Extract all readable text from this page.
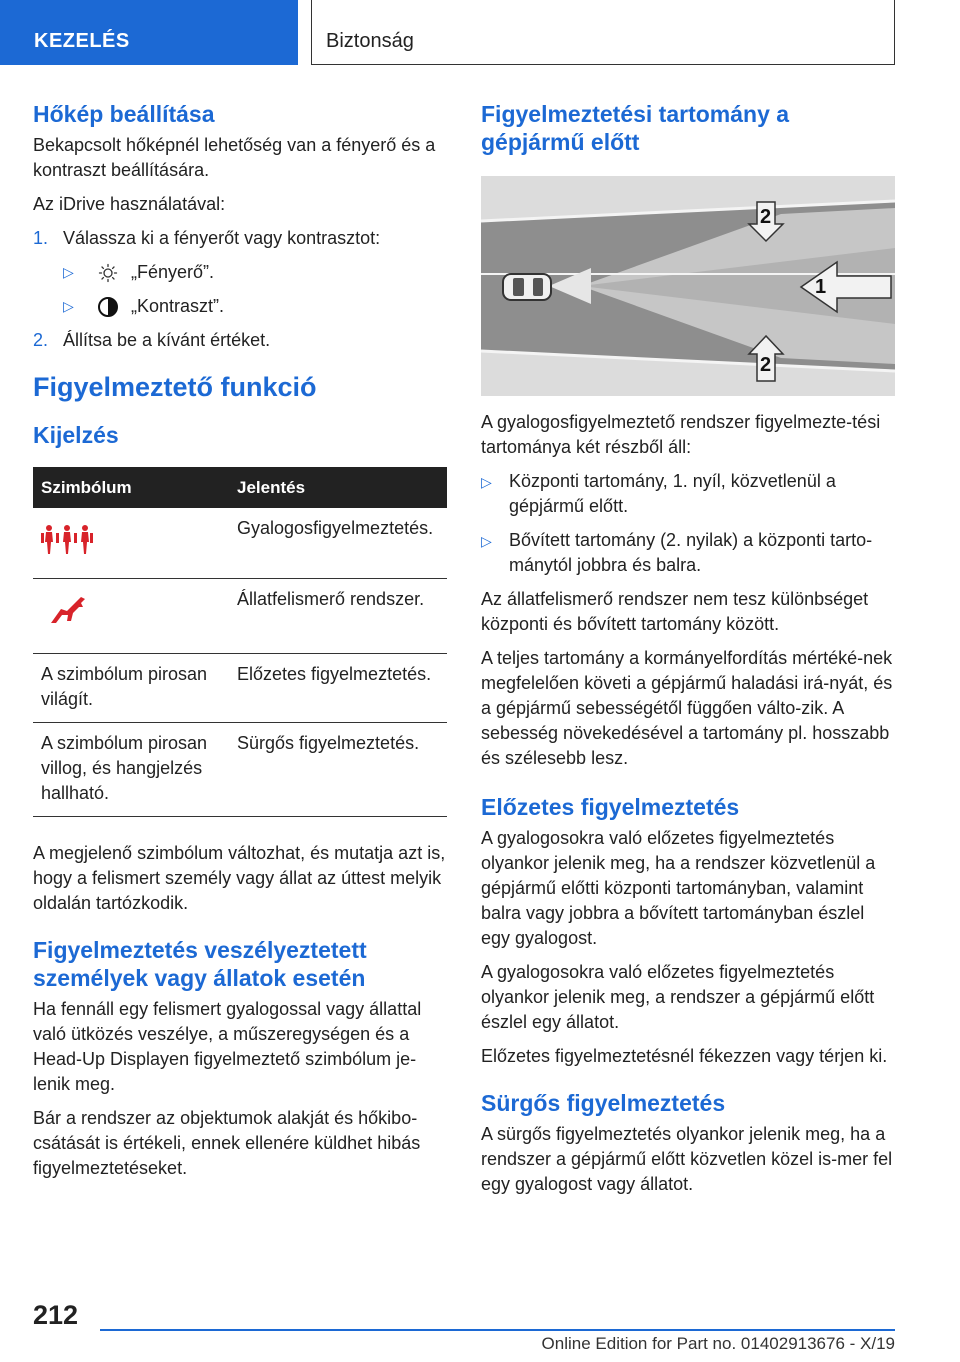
KEZELÉS	Biztonság
Hőkép beállítása

Bekapcsolt hőképnél lehetőség van a fényerő és a kontraszt beállítására.

Az iDrive használatával:

1. Válassza ki a fényerőt vagy kontrasztot:
▷	„Fényerő”.
▷	„Kontraszt”.
2. Állítsa be a kívánt értéket.
Figyelmeztető funkció
Kijelzés
Szimbólum	Jelentés
	Gyalogosfigyelmeztetés.
	Állatfelismerő rendszer.
A szimbólum pirosan világít.	Előzetes figyelmeztetés.
A szimbólum pirosan villog, és hangjelzés hallható.	Sürgős figyelmeztetés.

A megjelenő szimbólum változhat, és mutatja azt is, hogy a felismert személy vagy állat az úttest melyik oldalán tartózkodik.

Figyelmeztetés veszélyeztetett személyek vagy állatok esetén

Ha fennáll egy felismert gyalogossal vagy állattal való ütközés veszélye, a műszeregységen és a Head-Up Displayen figyelmeztető szimbólum je-lenik meg.

Bár a rendszer az objektumok alakját és hőkibo-csátását is értékeli, ennek ellenére küldhet hibás figyelmeztetéseket.

Figyelmeztetési tartomány a gépjármű előtt
1
2
2

A gyalogosfigyelmeztető rendszer figyelmezte-tési tartománya két részből áll:

▷ Központi tartomány, 1. nyíl, közvetlenül a gépjármű előtt.
▷ Bővített tartomány (2. nyilak) a központi tarto-mánytól jobbra és balra.

Az állatfelismerő rendszer nem tesz különbséget központi és bővített tartomány között.

A teljes tartomány a kormányelfordítás mértéké-nek megfelelően követi a gépjármű haladási irá-nyát, és a gépjármű sebességétől függően válto-zik. A sebesség növekedésével a tartomány pl. hosszabb és szélesebb lesz.

Előzetes figyelmeztetés

A gyalogosokra való előzetes figyelmeztetés olyankor jelenik meg, ha a rendszer közvetlenül a gépjármű előtti központi tartományban, valamint balra vagy jobbra a bővített tartományban észlel egy gyalogost.

A gyalogosokra való előzetes figyelmeztetés olyankor jelenik meg, a rendszer a gépjármű előtt észlel egy állatot.

Előzetes figyelmeztetésnél fékezzen vagy térjen ki.

Sürgős figyelmeztetés

A sürgős figyelmeztetés olyankor jelenik meg, ha a rendszer a gépjármű előtt közvetlen közel is-mer fel egy gyalogost vagy állatot.

212
Online Edition for Part no. 01402913676 - X/19
